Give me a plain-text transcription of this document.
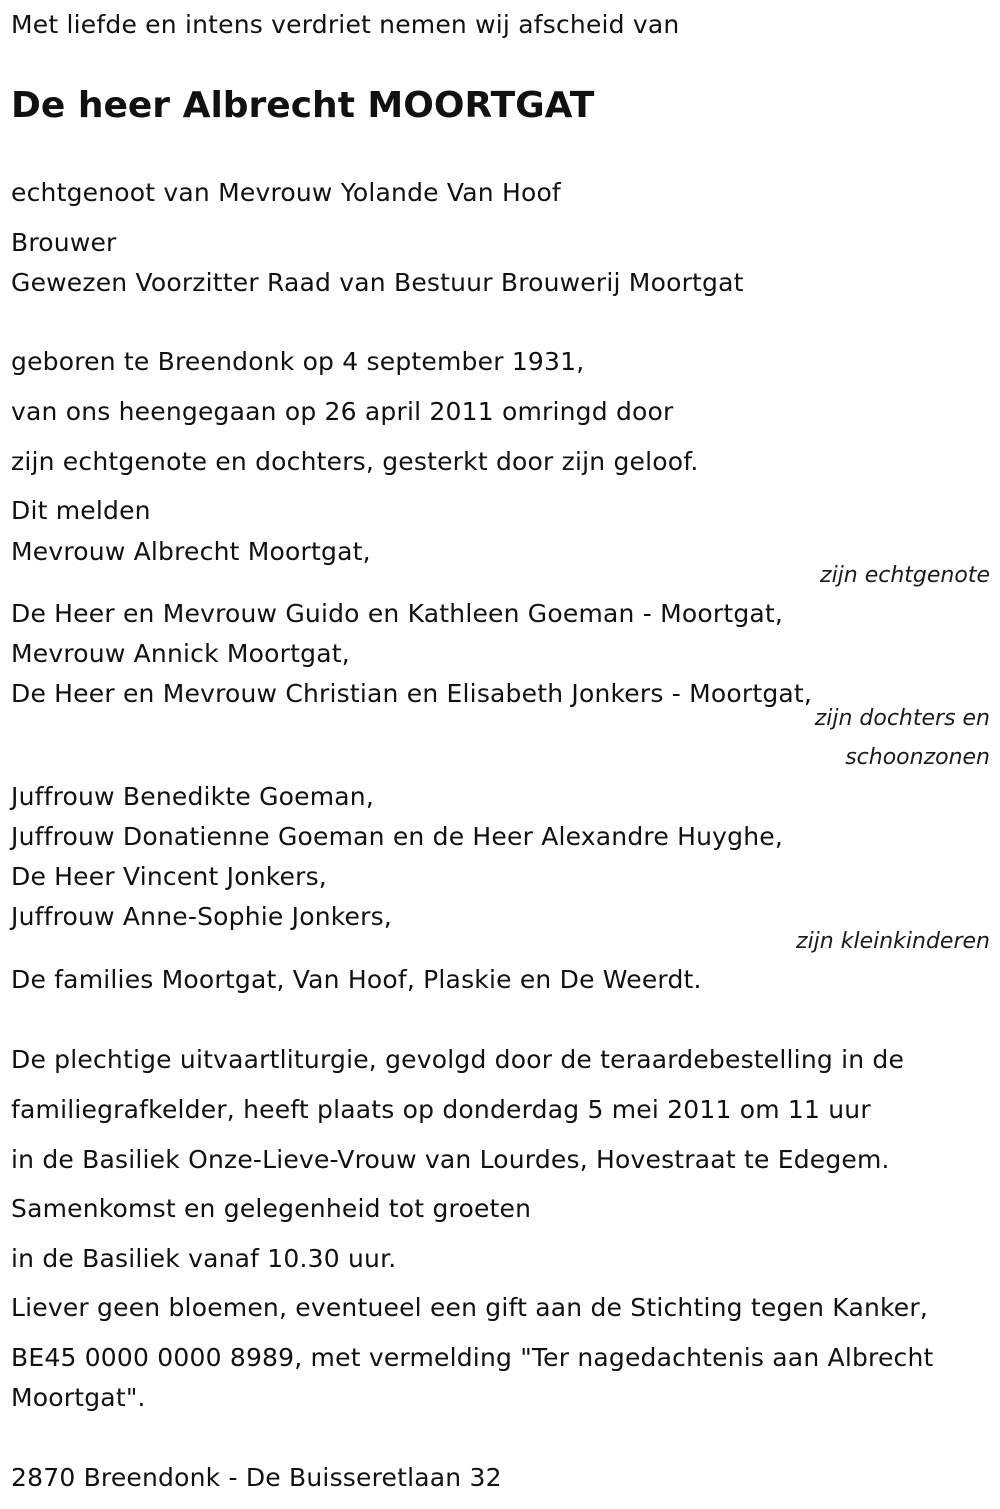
Met liefde en intens verdriet nemen wij afscheid van
De heer Albrecht MOORTGAT
echtgenoot van Mevrouw Yolande Van Hoof
Brouwer
Gewezen Voorzitter Raad van Bestuur Brouwerij Moortgat
geboren te Breendonk op 4 september 1931,
van ons heengegaan op 26 april 2011 omringd door
zijn echtgenote en dochters, gesterkt door zijn geloof.
Dit melden
Mevrouw Albrecht Moortgat,
zijn echtgenote
De Heer en Mevrouw Guido en Kathleen Goeman - Moortgat,
Mevrouw Annick Moortgat,
De Heer en Mevrouw Christian en Elisabeth Jonkers - Moortgat,
zijn dochters en
schoonzonen
Juffrouw Benedikte Goeman,
Juffrouw Donatienne Goeman en de Heer Alexandre Huyghe,
De Heer Vincent Jonkers,
Juffrouw Anne-Sophie Jonkers,
zijn kleinkinderen
De families Moortgat, Van Hoof, Plaskie en De Weerdt.
De plechtige uitvaartliturgie, gevolgd door de teraardebestelling in de
familiegrafkelder, heeft plaats op donderdag 5 mei 2011 om 11 uur
in de Basiliek Onze-Lieve-Vrouw van Lourdes, Hovestraat te Edegem.
Samenkomst en gelegenheid tot groeten
in de Basiliek vanaf 10.30 uur.
Liever geen bloemen, eventueel een gift aan de Stichting tegen Kanker,
BE45 0000 0000 8989, met vermelding "Ter nagedachtenis aan Albrecht
Moortgat".
2870 Breendonk - De Buisseretlaan 32
